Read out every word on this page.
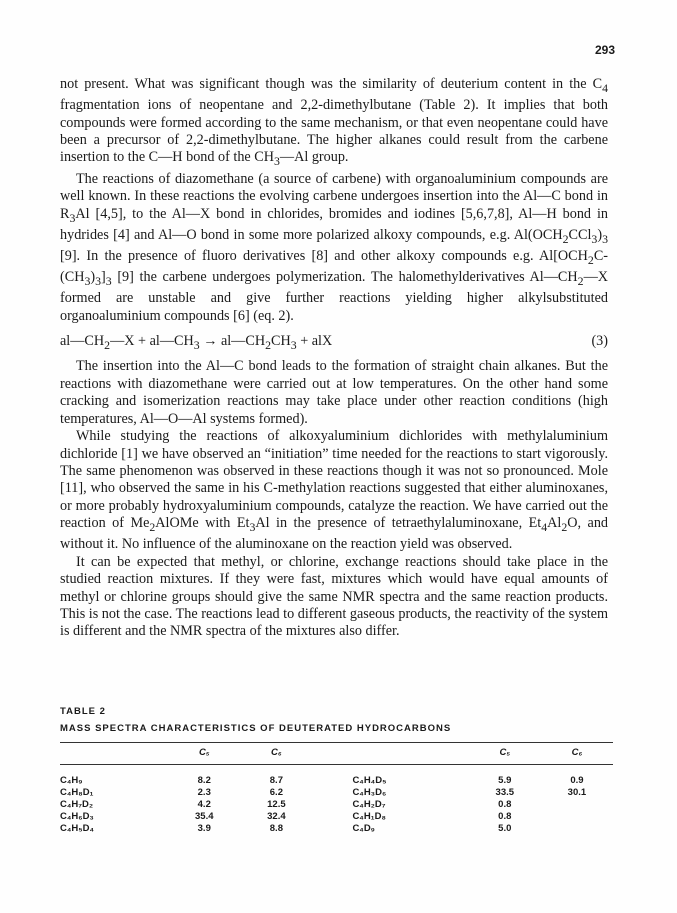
293

not present. What was significant though was the similarity of deuterium content in the $C_4$ fragmentation ions of neopentane and 2,2-dimethylbutane (Table 2). It implies that both compounds were formed according to the same mechanism, or that even neopentane could have been a precursor of 2,2-dimethylbutane. The higher alkanes could result from the carbene insertion to the C—H bond of the $CH_3—Al$ group.

The reactions of diazomethane (a source of carbene) with organoaluminium compounds are well known. In these reactions the evolving carbene undergoes insertion into the Al—C bond in $R_3Al$ [4,5], to the Al—X bond in chlorides, bromides and iodines [5,6,7,8], Al—H bond in hydrides [4] and Al—O bond in some more polarized alkoxy compounds, e.g. $Al(OCH_2CCl_3)_3$ [9]. In the presence of fluoro derivatives [8] and other alkoxy compounds e.g. $Al[OCH_2C-(CH_3)_3]_3$ [9] the carbene undergoes polymerization. The halomethylderivatives $Al—CH_2—X$ formed are unstable and give further reactions yielding higher alkylsubstituted organoaluminium compounds [6] (eq. 2).

$al—CH_2—X$ + $al—CH_3$ → $al—CH_2CH_3$ + alX	(3)

The insertion into the Al—C bond leads to the formation of straight chain alkanes. But the reactions with diazomethane were carried out at low temperatures. On the other hand some cracking and isomerization reactions may take place under other reaction conditions (high temperatures, Al—O—Al systems formed).

While studying the reactions of alkoxyaluminium dichlorides with methylaluminium dichloride [1] we have observed an “initiation” time needed for the reactions to start vigorously. The same phenomenon was observed in these reactions though it was not so pronounced. Mole [11], who observed the same in his C-methylation reactions suggested that either aluminoxanes, or more probably hydroxyaluminium compounds, catalyze the reaction. We have carried out the reaction of $Me_2AlOMe$ with $Et_3Al$ in the presence of tetraethylaluminoxane, $Et_4Al_2O$, and without it. No influence of the aluminoxane on the reaction yield was observed.

It can be expected that methyl, or chlorine, exchange reactions should take place in the studied reaction mixtures. If they were fast, mixtures which would have equal amounts of methyl or chlorine groups should give the same NMR spectra and the same reaction products. This is not the case. The reactions lead to different gaseous products, the reactivity of the system is different and the NMR spectra of the mixtures also differ.

TABLE 2
MASS SPECTRA CHARACTERISTICS OF DEUTERATED HYDROCARBONS
	C₅	C₆		C₅	C₆

C₄H₉	8.2	8.7	C₄H₄D₅	5.9	0.9
C₄H₈D₁	2.3	6.2	C₄H₃D₆	33.5	30.1
C₄H₇D₂	4.2	12.5	C₄H₂D₇	0.8	
C₄H₆D₃	35.4	32.4	C₄H₁D₈	0.8	
C₄H₅D₄	3.9	8.8	C₄D₉	5.0	
